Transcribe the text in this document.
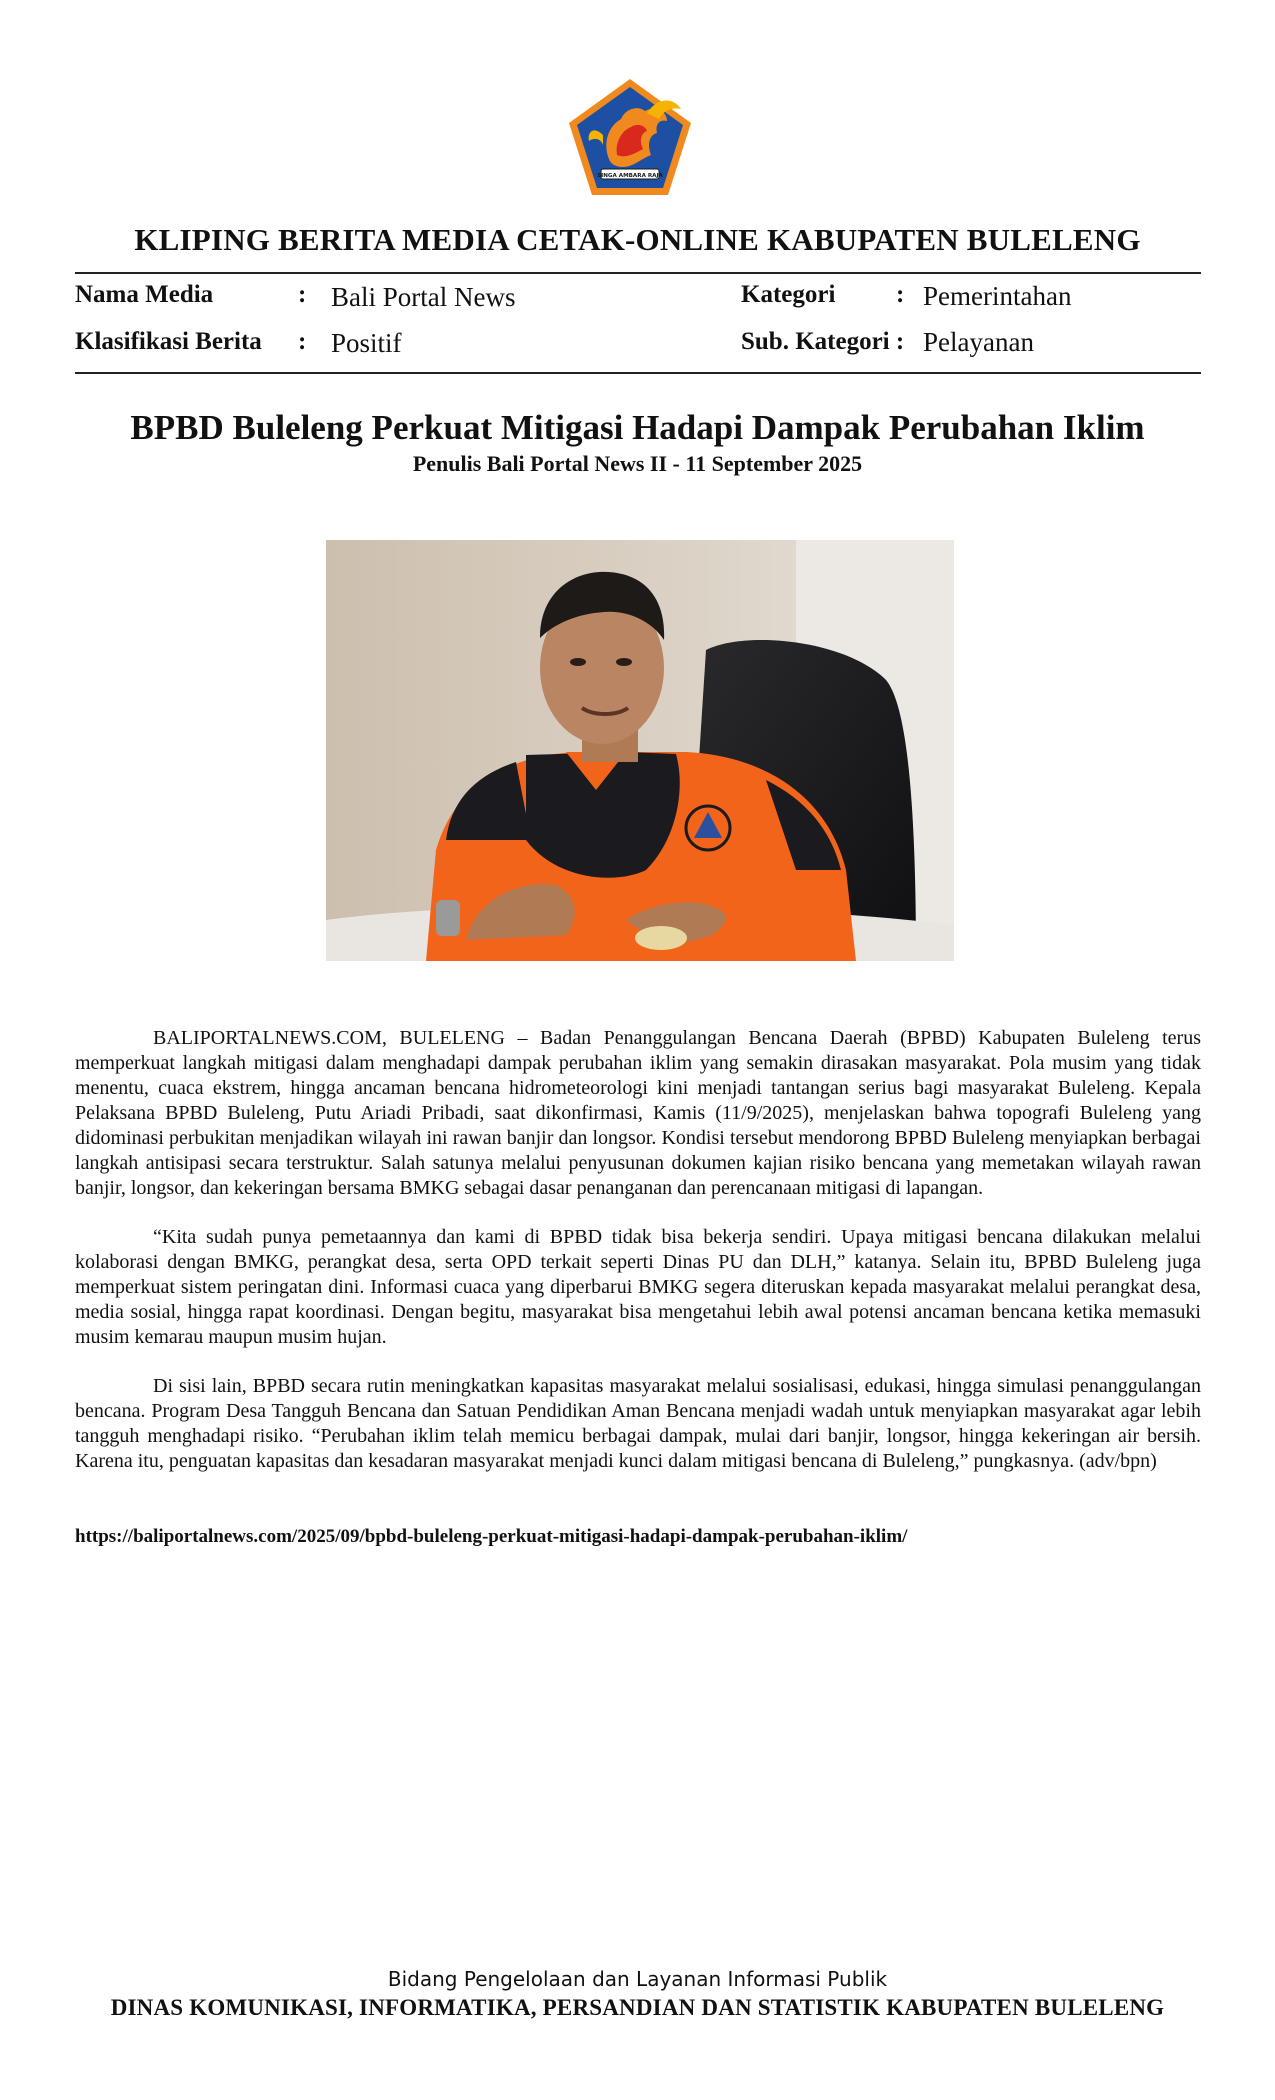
SINGA AMBARA RAJA
KLIPING BERITA MEDIA CETAK-ONLINE KABUPATEN BULELENG
Nama Media	: Bali Portal News
Klasifikasi Berita : Positif
Kategori : Pemerintahan
Sub. Kategori : Pelayanan
BPBD Buleleng Perkuat Mitigasi Hadapi Dampak Perubahan Iklim
Penulis Bali Portal News II - 11 September 2025

BALIPORTALNEWS.COM, BULELENG – Badan Penanggulangan Bencana Daerah (BPBD) Kabupaten Buleleng terus memperkuat langkah mitigasi dalam menghadapi dampak perubahan iklim yang semakin dirasakan masyarakat. Pola musim yang tidak menentu, cuaca ekstrem, hingga ancaman bencana hidrometeorologi kini menjadi tantangan serius bagi masyarakat Buleleng. Kepala Pelaksana BPBD Buleleng, Putu Ariadi Pribadi, saat dikonfirmasi, Kamis (11/9/2025), menjelaskan bahwa topografi Buleleng yang didominasi perbukitan menjadikan wilayah ini rawan banjir dan longsor. Kondisi tersebut mendorong BPBD Buleleng menyiapkan berbagai langkah antisipasi secara terstruktur. Salah satunya melalui penyusunan dokumen kajian risiko bencana yang memetakan wilayah rawan banjir, longsor, dan kekeringan bersama BMKG sebagai dasar penanganan dan perencanaan mitigasi di lapangan.

“Kita sudah punya pemetaannya dan kami di BPBD tidak bisa bekerja sendiri. Upaya mitigasi bencana dilakukan melalui kolaborasi dengan BMKG, perangkat desa, serta OPD terkait seperti Dinas PU dan DLH,” katanya. Selain itu, BPBD Buleleng juga memperkuat sistem peringatan dini. Informasi cuaca yang diperbarui BMKG segera diteruskan kepada masyarakat melalui perangkat desa, media sosial, hingga rapat koordinasi. Dengan begitu, masyarakat bisa mengetahui lebih awal potensi ancaman bencana ketika memasuki musim kemarau maupun musim hujan.

Di sisi lain, BPBD secara rutin meningkatkan kapasitas masyarakat melalui sosialisasi, edukasi, hingga simulasi penanggulangan bencana. Program Desa Tangguh Bencana dan Satuan Pendidikan Aman Bencana menjadi wadah untuk menyiapkan masyarakat agar lebih tangguh menghadapi risiko. “Perubahan iklim telah memicu berbagai dampak, mulai dari banjir, longsor, hingga kekeringan air bersih. Karena itu, penguatan kapasitas dan kesadaran masyarakat menjadi kunci dalam mitigasi bencana di Buleleng,” pungkasnya. (adv/bpn)

https://baliportalnews.com/2025/09/bpbd-buleleng-perkuat-mitigasi-hadapi-dampak-perubahan-iklim/
Bidang Pengelolaan dan Layanan Informasi Publik
DINAS KOMUNIKASI, INFORMATIKA, PERSANDIAN DAN STATISTIK KABUPATEN BULELENG
